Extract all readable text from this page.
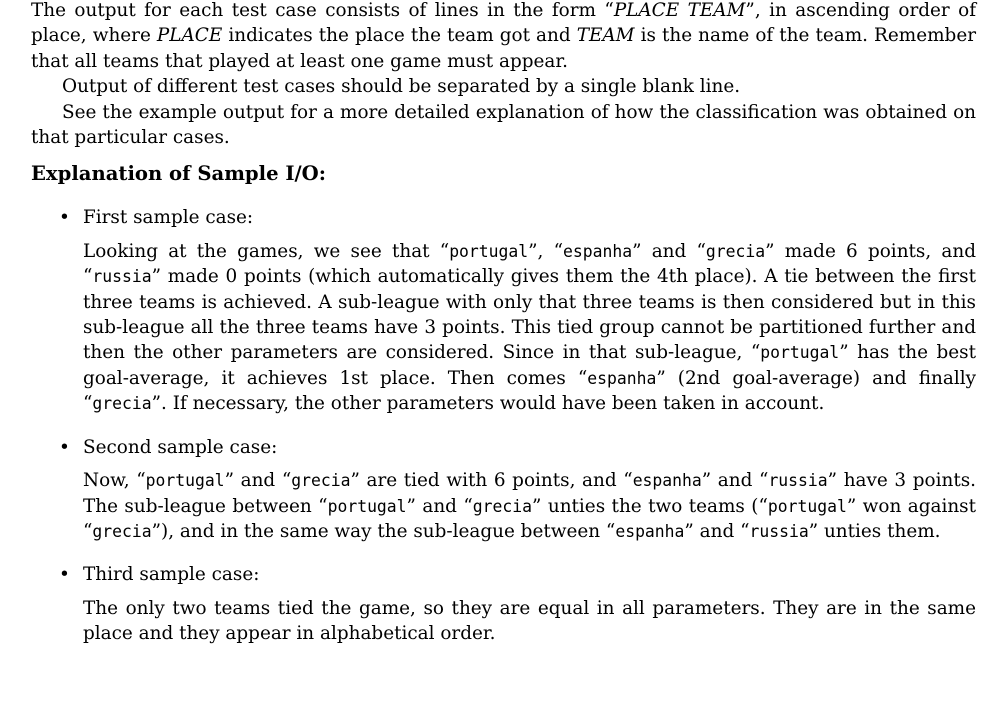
The output for each test case consists of lines in the form “PLACE TEAM”, in ascending order of place, where PLACE indicates the place the team got and TEAM is the name of the team. Remember that all teams that played at least one game must appear.

Output of different test cases should be separated by a single blank line.

See the example output for a more detailed explanation of how the classification was obtained on that particular cases.

Explanation of Sample I/O:
• First sample case:

Looking at the games, we see that “portugal”, “espanha” and “grecia” made 6 points, and “russia” made 0 points (which automatically gives them the 4th place). A tie between the first three teams is achieved. A sub-league with only that three teams is then considered but in this sub-league all the three teams have 3 points. This tied group cannot be partitioned further and then the other parameters are considered. Since in that sub-league, “portugal” has the best goal-average, it achieves 1st place. Then comes “espanha” (2nd goal-average) and finally “grecia”. If necessary, the other parameters would have been taken in account.

• Second sample case:

Now, “portugal” and “grecia” are tied with 6 points, and “espanha” and “russia” have 3 points. The sub-league between “portugal” and “grecia” unties the two teams (“portugal” won against “grecia”), and in the same way the sub-league between “espanha” and “russia” unties them.

• Third sample case:

The only two teams tied the game, so they are equal in all parameters. They are in the same place and they appear in alphabetical order.
